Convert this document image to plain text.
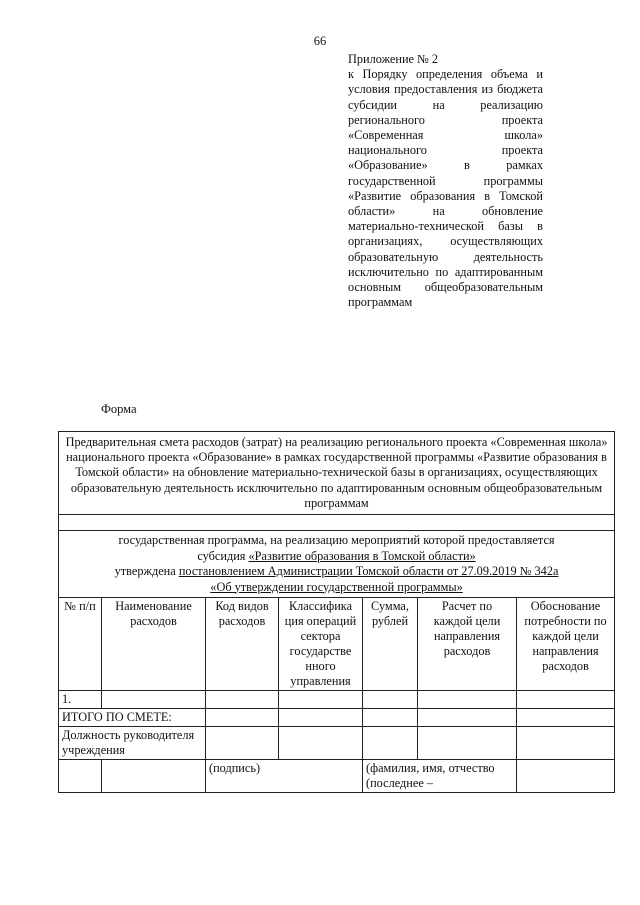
66
Приложение № 2
к Порядку определения объема и условия предоставления из бюджета субсидии на реализацию регионального проекта «Современная школа» национального проекта «Образование» в рамках государственной программы «Развитие образования в Томской области» на обновление материально-технической базы в организациях, осуществляющих образовательную деятельность исключительно по адаптированным основным общеобразовательным программам
Форма
Предварительная смета расходов (затрат) на реализацию регионального проекта «Современная школа» национального проекта «Образование» в рамках государственной программы «Развитие образования в Томской области» на обновление материально-технической базы в организациях, осуществляющих образовательную деятельность исключительно по адаптированным основным общеобразовательным программам						

государственная программа, на реализацию мероприятий которой предоставляется
субсидия «Развитие образования в Томской области»
утверждена постановлением Администрации Томской области от 27.09.2019 № 342а
«Об утверждении государственной программы»						

№ п/п	Наименование расходов	Код видов расходов	Классифика ция операций сектора государстве нного управления	Сумма, рублей	Расчет по каждой цели направления расходов	Обоснование потребности по каждой цели направления расходов
1.						
ИТОГО ПО СМЕТЕ:						
Должность руководителя учреждения						
		(подпись)		(фамилия, имя, отчество (последнее –		
